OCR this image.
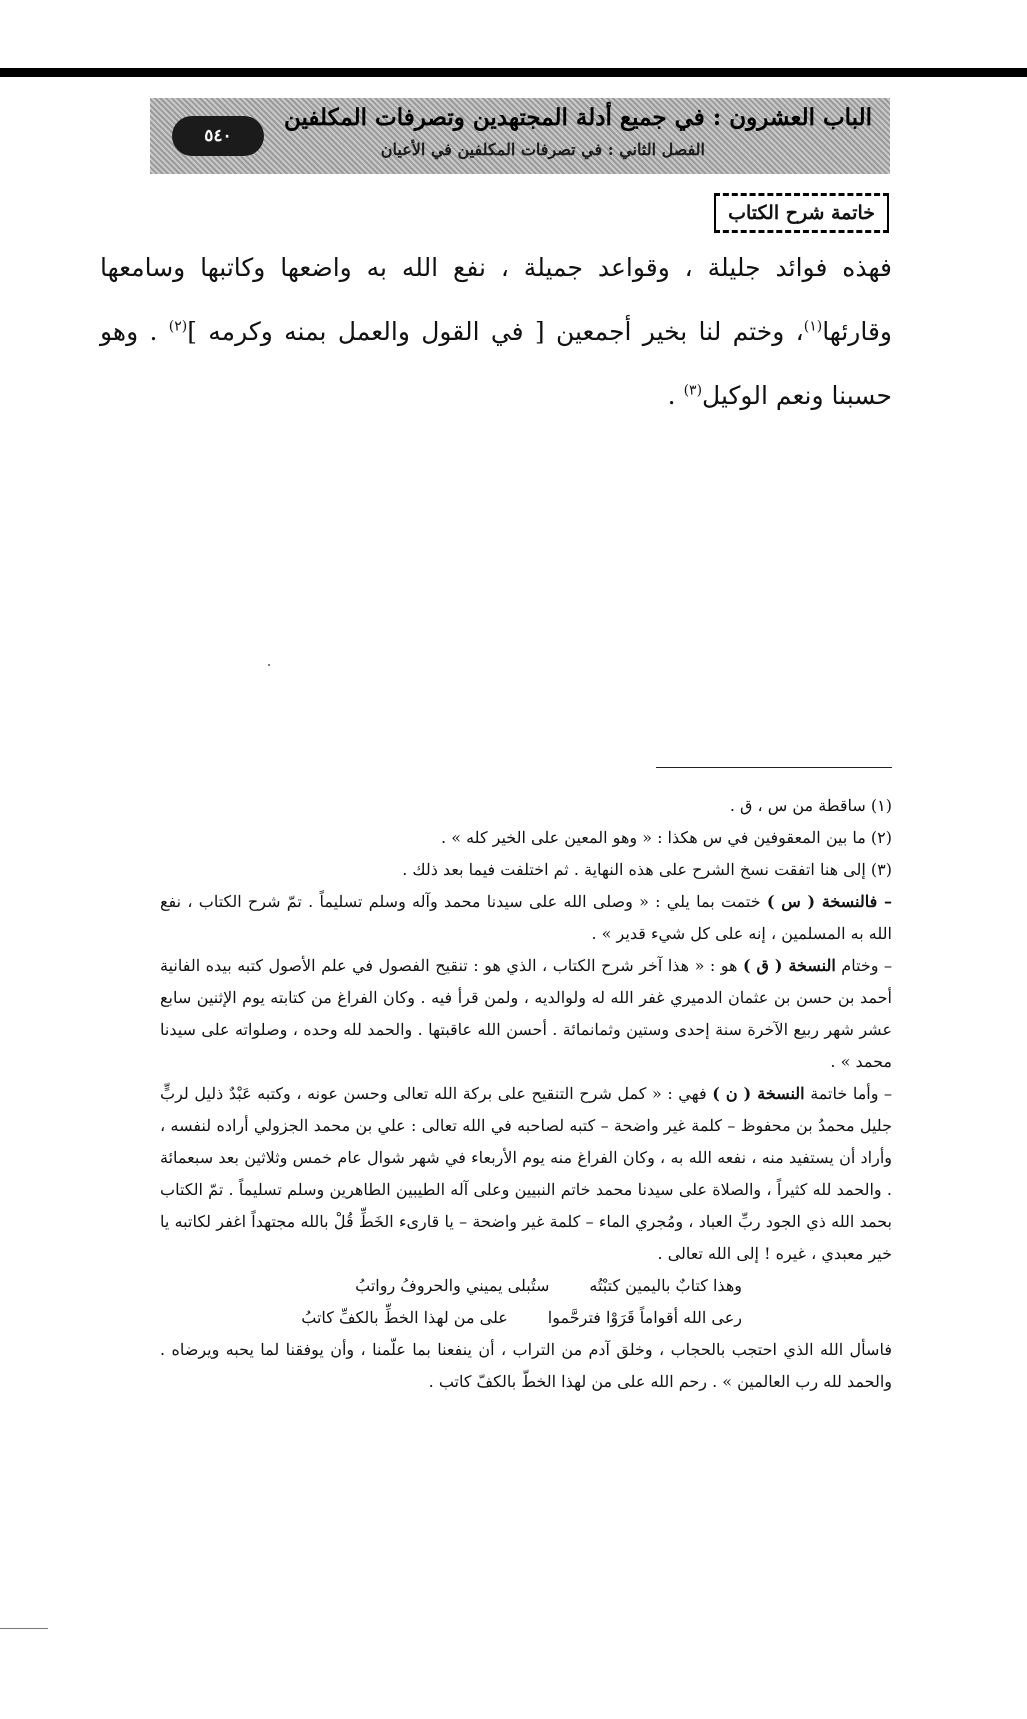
الباب العشرون : في جميع أدلة المجتهدين وتصرفات المكلفين
الفصل الثاني : في تصرفات المكلفين في الأعيان
٥٤٠
خاتمة شرح الكتاب

فهذه فوائد جليلة ، وقواعد جميلة ، نفع الله به واضعها وكاتبها وسامعها وقارئها$^{(١)}$، وختم لنا بخير أجمعين [ في القول والعمل بمنه وكرمه ]$^{(٢)}$ . وهو حسبنا ونعم الوكيل$^{(٣)}$ .

(١) ساقطة من س ، ق .

(٢) ما بين المعقوفين في س هكذا : « وهو المعين على الخير كله » .

(٣) إلى هنا اتفقت نسخ الشرح على هذه النهاية . ثم اختلفت فيما بعد ذلك .

– فالنسخة ( س ) ختمت بما يلي : « وصلى الله على سيدنا محمد وآله وسلم تسليماً . تمّ شرح الكتاب ، نفع الله به المسلمين ، إنه على كل شيء قدير » .

– وختام النسخة ( ق ) هو : « هذا آخر شرح الكتاب ، الذي هو : تنقيح الفصول في علم الأصول كتبه بيده الفانية أحمد بن حسن بن عثمان الدميري غفر الله له ولوالديه ، ولمن قرأ فيه . وكان الفراغ من كتابته يوم الإثنين سابع عشر شهر ربيع الآخرة سنة إحدى وستين وثمانمائة . أحسن الله عاقبتها . والحمد لله وحده ، وصلواته على سيدنا محمد » .

– وأما خاتمة النسخة ( ن ) فهي : « كمل شرح التنقيح على بركة الله تعالى وحسن عونه ، وكتبه عَبْدٌ ذليل لربٍّ جليل محمدُ بن محفوظ – كلمة غير واضحة – كتبه لصاحبه في الله تعالى : علي بن محمد الجزولي أراده لنفسه ، وأراد أن يستفيد منه ، نفعه الله به ، وكان الفراغ منه يوم الأربعاء في شهر شوال عام خمس وثلاثين بعد سبعمائة . والحمد لله كثيراً ، والصلاة على سيدنا محمد خاتم النبيين وعلى آله الطيبين الطاهرين وسلم تسليماً . تمّ الكتاب بحمد الله ذي الجود ربِّ العباد ، ومُجري الماء – كلمة غير واضحة – يا قارىء الخَطِّ قُلْ بالله مجتهداً اغفر لكاتبه يا خير معبدي ، غيره ! إلى الله تعالى .

وهذا كتابٌ باليمين كتبْتُه
ستُبلى يميني والحروفُ رواتبُ
رعى الله أقواماً قَرَوْا فترحَّموا
على من لهذا الخطِّ بالكفِّ كاتبُ

فاسأل الله الذي احتجب بالحجاب ، وخلق آدم من التراب ، أن ينفعنا بما علّمنا ، وأن يوفقنا لما يحبه ويرضاه . والحمد لله رب العالمين » . رحم الله على من لهذا الخطّ بالكفّ كاتب .
